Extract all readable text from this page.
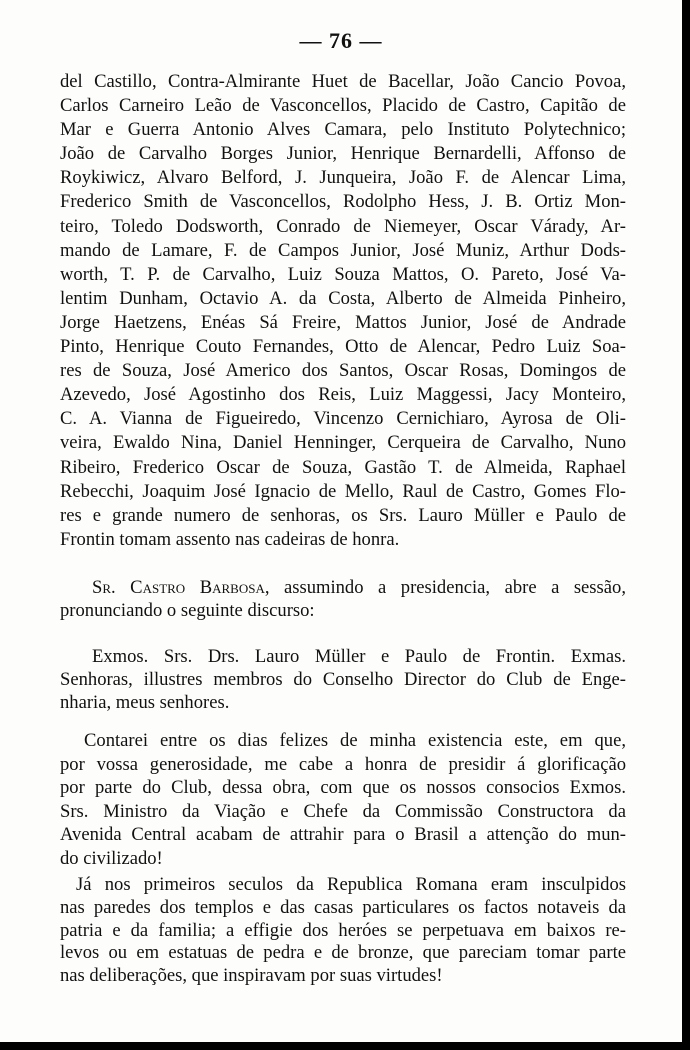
— 76 —
del Castillo, Contra-Almirante Huet de Bacellar, João Cancio Povoa,
Carlos Carneiro Leão de Vasconcellos, Placido de Castro, Capitão de
Mar e Guerra Antonio Alves Camara, pelo Instituto Polytechnico;
João de Carvalho Borges Junior, Henrique Bernardelli, Affonso de
Roykiwicz, Alvaro Belford, J. Junqueira, João F. de Alencar Lima,
Frederico Smith de Vasconcellos, Rodolpho Hess, J. B. Ortiz Mon-
teiro, Toledo Dodsworth, Conrado de Niemeyer, Oscar Várady, Ar-
mando de Lamare, F. de Campos Junior, José Muniz, Arthur Dods-
worth, T. P. de Carvalho, Luiz Souza Mattos, O. Pareto, José Va-
lentim Dunham, Octavio A. da Costa, Alberto de Almeida Pinheiro,
Jorge Haetzens, Enéas Sá Freire, Mattos Junior, José de Andrade
Pinto, Henrique Couto Fernandes, Otto de Alencar, Pedro Luiz Soa-
res de Souza, José Americo dos Santos, Oscar Rosas, Domingos de
Azevedo, José Agostinho dos Reis, Luiz Maggessi, Jacy Monteiro,
C. A. Vianna de Figueiredo, Vincenzo Cernichiaro, Ayrosa de Oli-
veira, Ewaldo Nina, Daniel Henninger, Cerqueira de Carvalho, Nuno
Ribeiro, Frederico Oscar de Souza, Gastão T. de Almeida, Raphael
Rebecchi, Joaquim José Ignacio de Mello, Raul de Castro, Gomes Flo-
res e grande numero de senhoras, os Srs. Lauro Müller e Paulo de
Frontin tomam assento nas cadeiras de honra.
Sr. Castro Barbosa, assumindo a presidencia, abre a sessão,
pronunciando o seguinte discurso:
Exmos. Srs. Drs. Lauro Müller e Paulo de Frontin. Exmas.
Senhoras, illustres membros do Conselho Director do Club de Enge-
nharia, meus senhores.
Contarei entre os dias felizes de minha existencia este, em que,
por vossa generosidade, me cabe a honra de presidir á glorificação
por parte do Club, dessa obra, com que os nossos consocios Exmos.
Srs. Ministro da Viação e Chefe da Commissão Constructora da
Avenida Central acabam de attrahir para o Brasil a attenção do mun-
do civilizado!
Já nos primeiros seculos da Republica Romana eram insculpidos
nas paredes dos templos e das casas particulares os factos notaveis da
patria e da familia; a effigie dos heróes se perpetuava em baixos re-
levos ou em estatuas de pedra e de bronze, que pareciam tomar parte
nas deliberações, que inspiravam por suas virtudes!
